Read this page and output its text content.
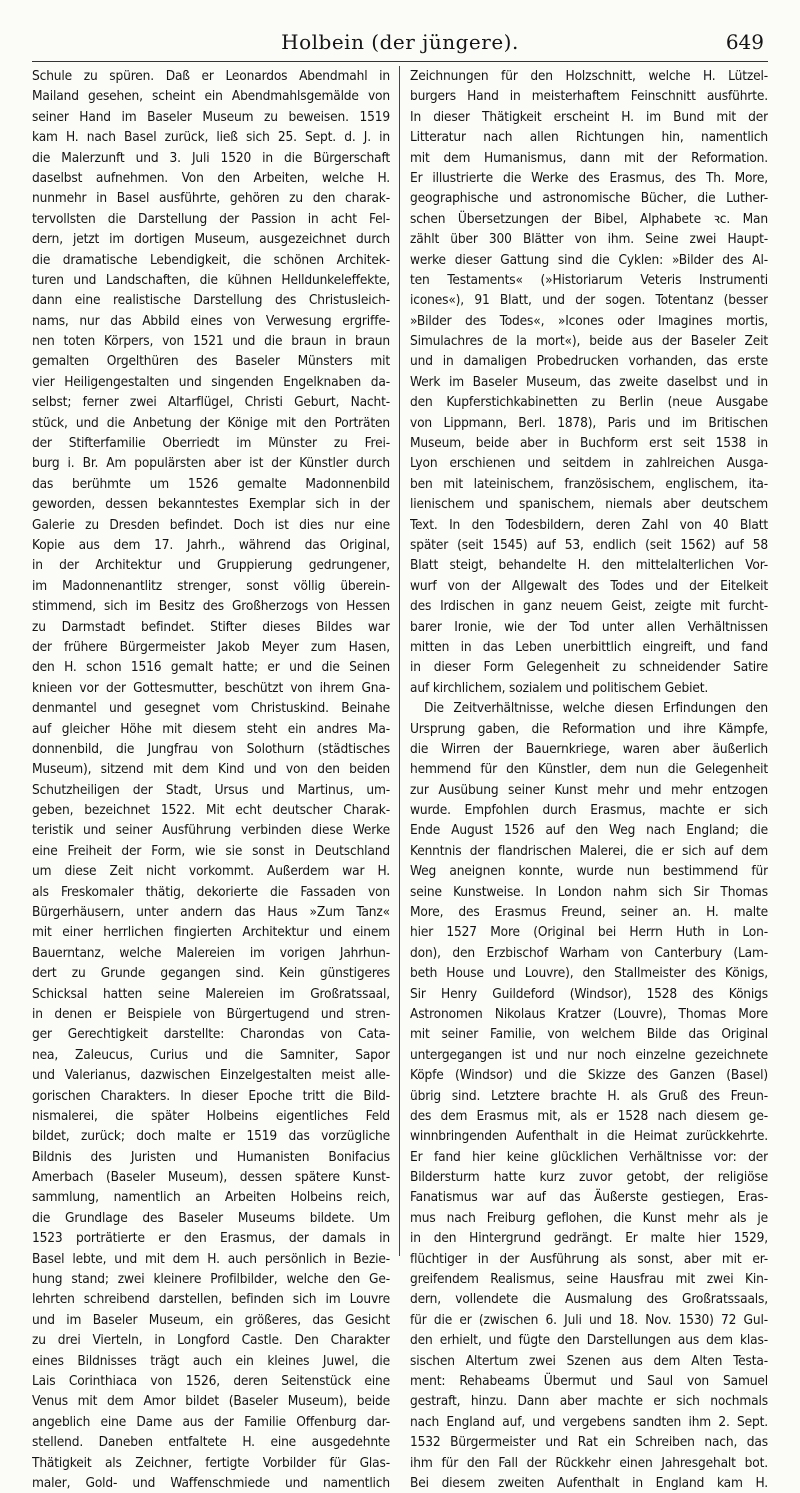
Holbein (der jüngere).	649
Schule zu spüren. Daß er Leonardos Abendmahl in
Mailand gesehen, scheint ein Abendmahlsgemälde von
seiner Hand im Baseler Museum zu beweisen. 1519
kam H. nach Basel zurück, ließ sich 25. Sept. d. J. in
die Malerzunft und 3. Juli 1520 in die Bürgerschaft
daselbst aufnehmen. Von den Arbeiten, welche H.
nunmehr in Basel ausführte, gehören zu den charak-
tervollsten die Darstellung der Passion in acht Fel-
dern, jetzt im dortigen Museum, ausgezeichnet durch
die dramatische Lebendigkeit, die schönen Architek-
turen und Landschaften, die kühnen Helldunkeleffekte,
dann eine realistische Darstellung des Christusleich-
nams, nur das Abbild eines von Verwesung ergriffe-
nen toten Körpers, von 1521 und die braun in braun
gemalten Orgelthüren des Baseler Münsters mit
vier Heiligengestalten und singenden Engelknaben da-
selbst; ferner zwei Altarflügel, Christi Geburt, Nacht-
stück, und die Anbetung der Könige mit den Porträten
der Stifterfamilie Oberriedt im Münster zu Frei-
burg i. Br. Am populärsten aber ist der Künstler durch
das berühmte um 1526 gemalte Madonnenbild
geworden, dessen bekanntestes Exemplar sich in der
Galerie zu Dresden befindet. Doch ist dies nur eine
Kopie aus dem 17. Jahrh., während das Original,
in der Architektur und Gruppierung gedrungener,
im Madonnenantlitz strenger, sonst völlig überein-
stimmend, sich im Besitz des Großherzogs von Hessen
zu Darmstadt befindet. Stifter dieses Bildes war
der frühere Bürgermeister Jakob Meyer zum Hasen,
den H. schon 1516 gemalt hatte; er und die Seinen
knieen vor der Gottesmutter, beschützt von ihrem Gna-
denmantel und gesegnet vom Christuskind. Beinahe
auf gleicher Höhe mit diesem steht ein andres Ma-
donnenbild, die Jungfrau von Solothurn (städtisches
Museum), sitzend mit dem Kind und von den beiden
Schutzheiligen der Stadt, Ursus und Martinus, um-
geben, bezeichnet 1522. Mit echt deutscher Charak-
teristik und seiner Ausführung verbinden diese Werke
eine Freiheit der Form, wie sie sonst in Deutschland
um diese Zeit nicht vorkommt. Außerdem war H.
als Freskomaler thätig, dekorierte die Fassaden von
Bürgerhäusern, unter andern das Haus »Zum Tanz«
mit einer herrlichen fingierten Architektur und einem
Bauerntanz, welche Malereien im vorigen Jahrhun-
dert zu Grunde gegangen sind. Kein günstigeres
Schicksal hatten seine Malereien im Großratssaal,
in denen er Beispiele von Bürgertugend und stren-
ger Gerechtigkeit darstellte: Charondas von Cata-
nea, Zaleucus, Curius und die Samniter, Sapor
und Valerianus, dazwischen Einzelgestalten meist alle-
gorischen Charakters. In dieser Epoche tritt die Bild-
nismalerei, die später Holbeins eigentliches Feld
bildet, zurück; doch malte er 1519 das vorzügliche
Bildnis des Juristen und Humanisten Bonifacius
Amerbach (Baseler Museum), dessen spätere Kunst-
sammlung, namentlich an Arbeiten Holbeins reich,
die Grundlage des Baseler Museums bildete. Um
1523 porträtierte er den Erasmus, der damals in
Basel lebte, und mit dem H. auch persönlich in Bezie-
hung stand; zwei kleinere Profilbilder, welche den Ge-
lehrten schreibend darstellen, befinden sich im Louvre
und im Baseler Museum, ein größeres, das Gesicht
zu drei Vierteln, in Longford Castle. Den Charakter
eines Bildnisses trägt auch ein kleines Juwel, die
Lais Corinthiaca von 1526, deren Seitenstück eine
Venus mit dem Amor bildet (Baseler Museum), beide
angeblich eine Dame aus der Familie Offenburg dar-
stellend. Daneben entfaltete H. eine ausgedehnte
Thätigkeit als Zeichner, fertigte Vorbilder für Glas-
maler, Gold- und Waffenschmiede und namentlich
Zeichnungen für den Holzschnitt, welche H. Lützel-
burgers Hand in meisterhaftem Feinschnitt ausführte.
In dieser Thätigkeit erscheint H. im Bund mit der
Litteratur nach allen Richtungen hin, namentlich
mit dem Humanismus, dann mit der Reformation.
Er illustrierte die Werke des Erasmus, des Th. More,
geographische und astronomische Bücher, die Luther-
schen Übersetzungen der Bibel, Alphabete ꝛc. Man
zählt über 300 Blätter von ihm. Seine zwei Haupt-
werke dieser Gattung sind die Cyklen: »Bilder des Al-
ten Testaments« (»Historiarum Veteris Instrumenti
icones«), 91 Blatt, und der sogen. Totentanz (besser
»Bilder des Todes«, »Icones oder Imagines mortis,
Simulachres de la mort«), beide aus der Baseler Zeit
und in damaligen Probedrucken vorhanden, das erste
Werk im Baseler Museum, das zweite daselbst und in
den Kupferstichkabinetten zu Berlin (neue Ausgabe
von Lippmann, Berl. 1878), Paris und im Britischen
Museum, beide aber in Buchform erst seit 1538 in
Lyon erschienen und seitdem in zahlreichen Ausga-
ben mit lateinischem, französischem, englischem, ita-
lienischem und spanischem, niemals aber deutschem
Text. In den Todesbildern, deren Zahl von 40 Blatt
später (seit 1545) auf 53, endlich (seit 1562) auf 58
Blatt steigt, behandelte H. den mittelalterlichen Vor-
wurf von der Allgewalt des Todes und der Eitelkeit
des Irdischen in ganz neuem Geist, zeigte mit furcht-
barer Ironie, wie der Tod unter allen Verhältnissen
mitten in das Leben unerbittlich eingreift, und fand
in dieser Form Gelegenheit zu schneidender Satire
auf kirchlichem, sozialem und politischem Gebiet.
Die Zeitverhältnisse, welche diesen Erfindungen den
Ursprung gaben, die Reformation und ihre Kämpfe,
die Wirren der Bauernkriege, waren aber äußerlich
hemmend für den Künstler, dem nun die Gelegenheit
zur Ausübung seiner Kunst mehr und mehr entzogen
wurde. Empfohlen durch Erasmus, machte er sich
Ende August 1526 auf den Weg nach England; die
Kenntnis der flandrischen Malerei, die er sich auf dem
Weg aneignen konnte, wurde nun bestimmend für
seine Kunstweise. In London nahm sich Sir Thomas
More, des Erasmus Freund, seiner an. H. malte
hier 1527 More (Original bei Herrn Huth in Lon-
don), den Erzbischof Warham von Canterbury (Lam-
beth House und Louvre), den Stallmeister des Königs,
Sir Henry Guildeford (Windsor), 1528 des Königs
Astronomen Nikolaus Kratzer (Louvre), Thomas More
mit seiner Familie, von welchem Bilde das Original
untergegangen ist und nur noch einzelne gezeichnete
Köpfe (Windsor) und die Skizze des Ganzen (Basel)
übrig sind. Letztere brachte H. als Gruß des Freun-
des dem Erasmus mit, als er 1528 nach diesem ge-
winnbringenden Aufenthalt in die Heimat zurückkehrte.
Er fand hier keine glücklichen Verhältnisse vor: der
Bildersturm hatte kurz zuvor getobt, der religiöse
Fanatismus war auf das Äußerste gestiegen, Eras-
mus nach Freiburg geflohen, die Kunst mehr als je
in den Hintergrund gedrängt. Er malte hier 1529,
flüchtiger in der Ausführung als sonst, aber mit er-
greifendem Realismus, seine Hausfrau mit zwei Kin-
dern, vollendete die Ausmalung des Großratssaals,
für die er (zwischen 6. Juli und 18. Nov. 1530) 72 Gul-
den erhielt, und fügte den Darstellungen aus dem klas-
sischen Altertum zwei Szenen aus dem Alten Testa-
ment: Rehabeams Übermut und Saul von Samuel
gestraft, hinzu. Dann aber machte er sich nochmals
nach England auf, und vergebens sandten ihm 2. Sept.
1532 Bürgermeister und Rat ein Schreiben nach, das
ihm für den Fall der Rückkehr einen Jahresgehalt bot.
Bei diesem zweiten Aufenthalt in England kam H.
